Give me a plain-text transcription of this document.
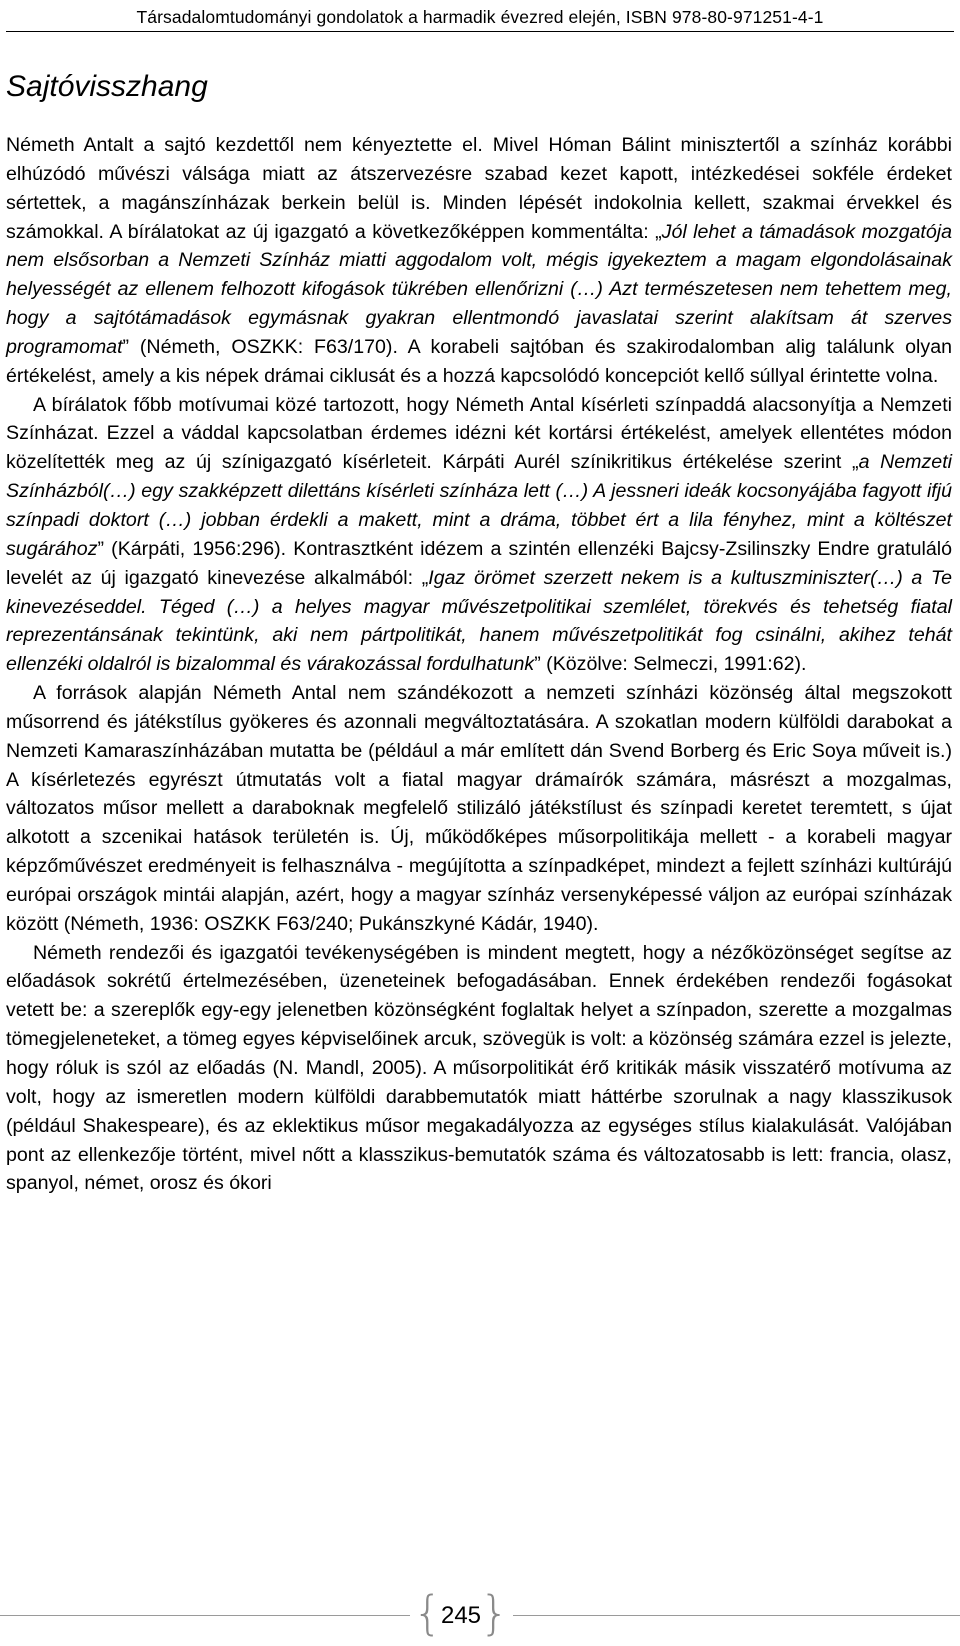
Társadalomtudományi gondolatok a harmadik évezred elején, ISBN 978-80-971251-4-1
Sajtóvisszhang

Németh Antalt a sajtó kezdettől nem kényeztette el. Mivel Hóman Bálint minisztertől a színház korábbi elhúzódó művészi válsága miatt az átszervezésre szabad kezet kapott, intézkedései sokféle érdeket sértettek, a magánszínházak berkein belül is. Minden lépését indokolnia kellett, szakmai érvekkel és számokkal. A bírálatokat az új igazgató a következőképpen kommentálta: „Jól lehet a támadások mozgatója nem elsősorban a Nemzeti Színház miatti aggodalom volt, mégis igyekeztem a magam elgondolásainak helyességét az ellenem felhozott kifogások tükrében ellenőrizni (…) Azt természetesen nem tehettem meg, hogy a sajtótámadások egymásnak gyakran ellentmondó javaslatai szerint alakítsam át szerves programomat” (Németh, OSZKK: F63/170). A korabeli sajtóban és szakirodalomban alig találunk olyan értékelést, amely a kis népek drámai ciklusát és a hozzá kapcsolódó koncepciót kellő súllyal érintette volna.

A bírálatok főbb motívumai közé tartozott, hogy Németh Antal kísérleti színpaddá alacsonyítja a Nemzeti Színházat. Ezzel a váddal kapcsolatban érdemes idézni két kortársi értékelést, amelyek ellentétes módon közelítették meg az új színigazgató kísérleteit. Kárpáti Aurél színikritikus értékelése szerint „a Nemzeti Színházból(…) egy szakképzett dilettáns kísérleti színháza lett (…) A jessneri ideák kocsonyájába fagyott ifjú színpadi doktort (…) jobban érdekli a makett, mint a dráma, többet ért a lila fényhez, mint a költészet sugárához” (Kárpáti, 1956:296). Kontrasztként idézem a szintén ellenzéki Bajcsy-Zsilinszky Endre gratuláló levelét az új igazgató kinevezése alkalmából: „Igaz örömet szerzett nekem is a kultuszminiszter(…) a Te kinevezéseddel. Téged (…) a helyes magyar művészetpolitikai szemlélet, törekvés és tehetség fiatal reprezentánsának tekintünk, aki nem pártpolitikát, hanem művészetpolitikát fog csinálni, akihez tehát ellenzéki oldalról is bizalommal és várakozással fordulhatunk” (Közölve: Selmeczi, 1991:62).

A források alapján Németh Antal nem szándékozott a nemzeti színházi közönség által megszokott műsorrend és játékstílus gyökeres és azonnali megváltoztatására. A szokatlan modern külföldi darabokat a Nemzeti Kamaraszínházában mutatta be (például a már említett dán Svend Borberg és Eric Soya műveit is.) A kísérletezés egyrészt útmutatás volt a fiatal magyar drámaírók számára, másrészt a mozgalmas, változatos műsor mellett a daraboknak megfelelő stilizáló játékstílust és színpadi keretet teremtett, s újat alkotott a szcenikai hatások területén is. Új, működőképes műsorpolitikája mellett - a korabeli magyar képzőművészet eredményeit is felhasználva - megújította a színpadképet, mindezt a fejlett színházi kultúrájú európai országok mintái alapján, azért, hogy a magyar színház versenyképessé váljon az európai színházak között (Németh, 1936: OSZKK F63/240; Pukánszkyné Kádár, 1940).

Németh rendezői és igazgatói tevékenységében is mindent megtett, hogy a nézőközönséget segítse az előadások sokrétű értelmezésében, üzeneteinek befogadásában. Ennek érdekében rendezői fogásokat vetett be: a szereplők egy-egy jelenetben közönségként foglaltak helyet a színpadon, szerette a mozgalmas tömegjeleneteket, a tömeg egyes képviselőinek arcuk, szövegük is volt: a közönség számára ezzel is jelezte, hogy róluk is szól az előadás (N. Mandl, 2005). A műsorpolitikát érő kritikák másik visszatérő motívuma az volt, hogy az ismeretlen modern külföldi darabbemutatók miatt háttérbe szorulnak a nagy klasszikusok (például Shakespeare), és az eklektikus műsor megakadályozza az egységes stílus kialakulását. Valójában pont az ellenkezője történt, mivel nőtt a klasszikus-bemutatók száma és változatosabb is lett: francia, olasz, spanyol, német, orosz és ókori

{
245
}
